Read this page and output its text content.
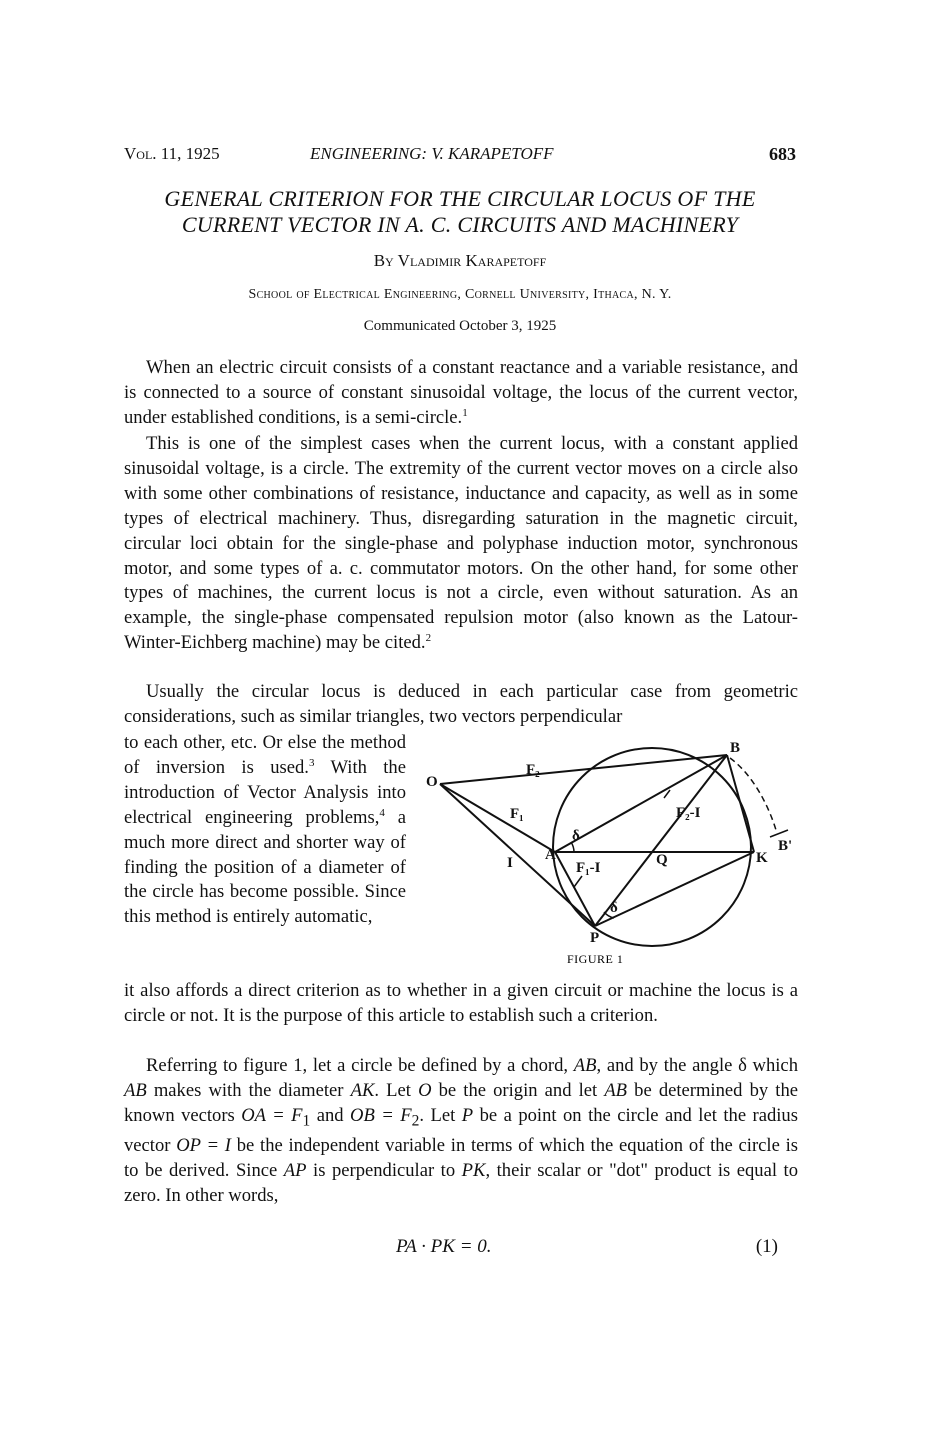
Vol. 11, 1925	ENGINEERING: V. KARAPETOFF	683
GENERAL CRITERION FOR THE CIRCULAR LOCUS OF THE
CURRENT VECTOR IN A. C. CIRCUITS AND MACHINERY
By Vladimir Karapetoff
School of Electrical Engineering, Cornell University, Ithaca, N. Y.
Communicated October 3, 1925

When an electric circuit consists of a constant reactance and a variable resistance, and is connected to a source of constant sinusoidal voltage, the locus of the current vector, under established conditions, is a semi-circle.$^1$

This is one of the simplest cases when the current locus, with a constant applied sinusoidal voltage, is a circle. The extremity of the current vector moves on a circle also with some other combinations of resistance, inductance and capacity, as well as in some types of electrical machinery. Thus, disregarding saturation in the magnetic circuit, circular loci obtain for the single-phase and polyphase induction motor, synchronous motor, and some types of a. c. commutator motors. On the other hand, for some other types of machines, the current locus is not a circle, even without saturation. As an example, the single-phase compensated repulsion motor (also known as the Latour-Winter-Eichberg machine) may be cited.$^2$

Usually the circular locus is deduced in each particular case from geometric considerations, such as similar triangles, two vectors perpendicular

to each other, etc. Or else the method of inversion is used.$^3$ With the introduction of Vector Analysis into electrical engineering problems,$^4$ a much more direct and shorter way of finding the position of a diameter of the circle has become possible. Since this method is entirely automatic,
O
B
A	K
P
Q
B'
F₂
F₁
I
F₂-I
F₁-I
δ
δ
FIGURE 1
it also affords a direct criterion as to whether in a given circuit or machine the locus is a circle or not. It is the purpose of this article to establish such a criterion.

Referring to figure 1, let a circle be defined by a chord, AB, and by the angle δ which AB makes with the diameter AK. Let O be the origin and let AB be determined by the known vectors OA = $F_1$ and OB = $F_2$. Let P be a point on the circle and let the radius vector OP = I be the independent variable in terms of which the equation of the circle is to be derived. Since AP is perpendicular to PK, their scalar or "dot" product is equal to zero. In other words,

PA · PK = 0.	(1)
